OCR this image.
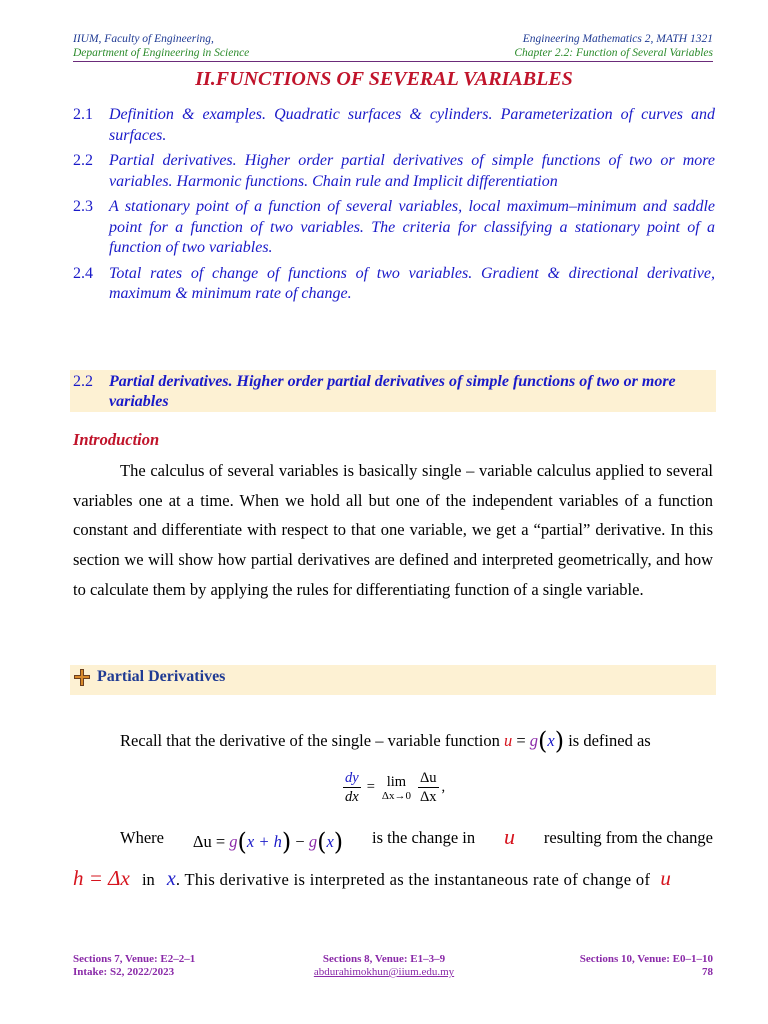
IIUM, Faculty of Engineering,
Department of Engineering in Science
Engineering Mathematics 2, MATH 1321
Chapter 2.2: Function of Several Variables
II.FUNCTIONS OF SEVERAL VARIABLES
2.1	Definition & examples. Quadratic surfaces & cylinders. Parameterization of curves and surfaces.
2.2	Partial derivatives. Higher order partial derivatives of simple functions of two or more variables. Harmonic functions. Chain rule and Implicit differentiation
2.3	A stationary point of a function of several variables, local maximum–minimum and saddle point for a function of two variables. The criteria for classifying a stationary point of a function of two variables.
2.4	Total rates of change of functions of two variables. Gradient & directional derivative, maximum & minimum rate of change.
2.2	Partial derivatives. Higher order partial derivatives of simple functions of two or more variables
Introduction
The calculus of several variables is basically single – variable calculus applied to several variables one at a time. When we hold all but one of the independent variables of a function constant and differentiate with respect to that one variable, we get a “partial” derivative. In this section we will show how partial derivatives are defined and interpreted geometrically, and how to calculate them by applying the rules for differentiating function of a single variable.
Partial Derivatives
Recall that the derivative of the single – variable function u = g(x) is defined as
$\frac{dy}{dx} = \lim$
$\Delta x\to 0 \frac{\Delta u}{\Delta x}$ ,
Where Δu = g(x + h) − g(x) is the change in u resulting from the change
h = Δx in x. This derivative is interpreted as the instantaneous rate of change of u
Sections 7, Venue: E2–2–1
Intake: S2, 2022/2023
Sections 8, Venue: E1–3–9
abdurahimokhun@iium.edu.my
Sections 10, Venue: E0–1–10
78
